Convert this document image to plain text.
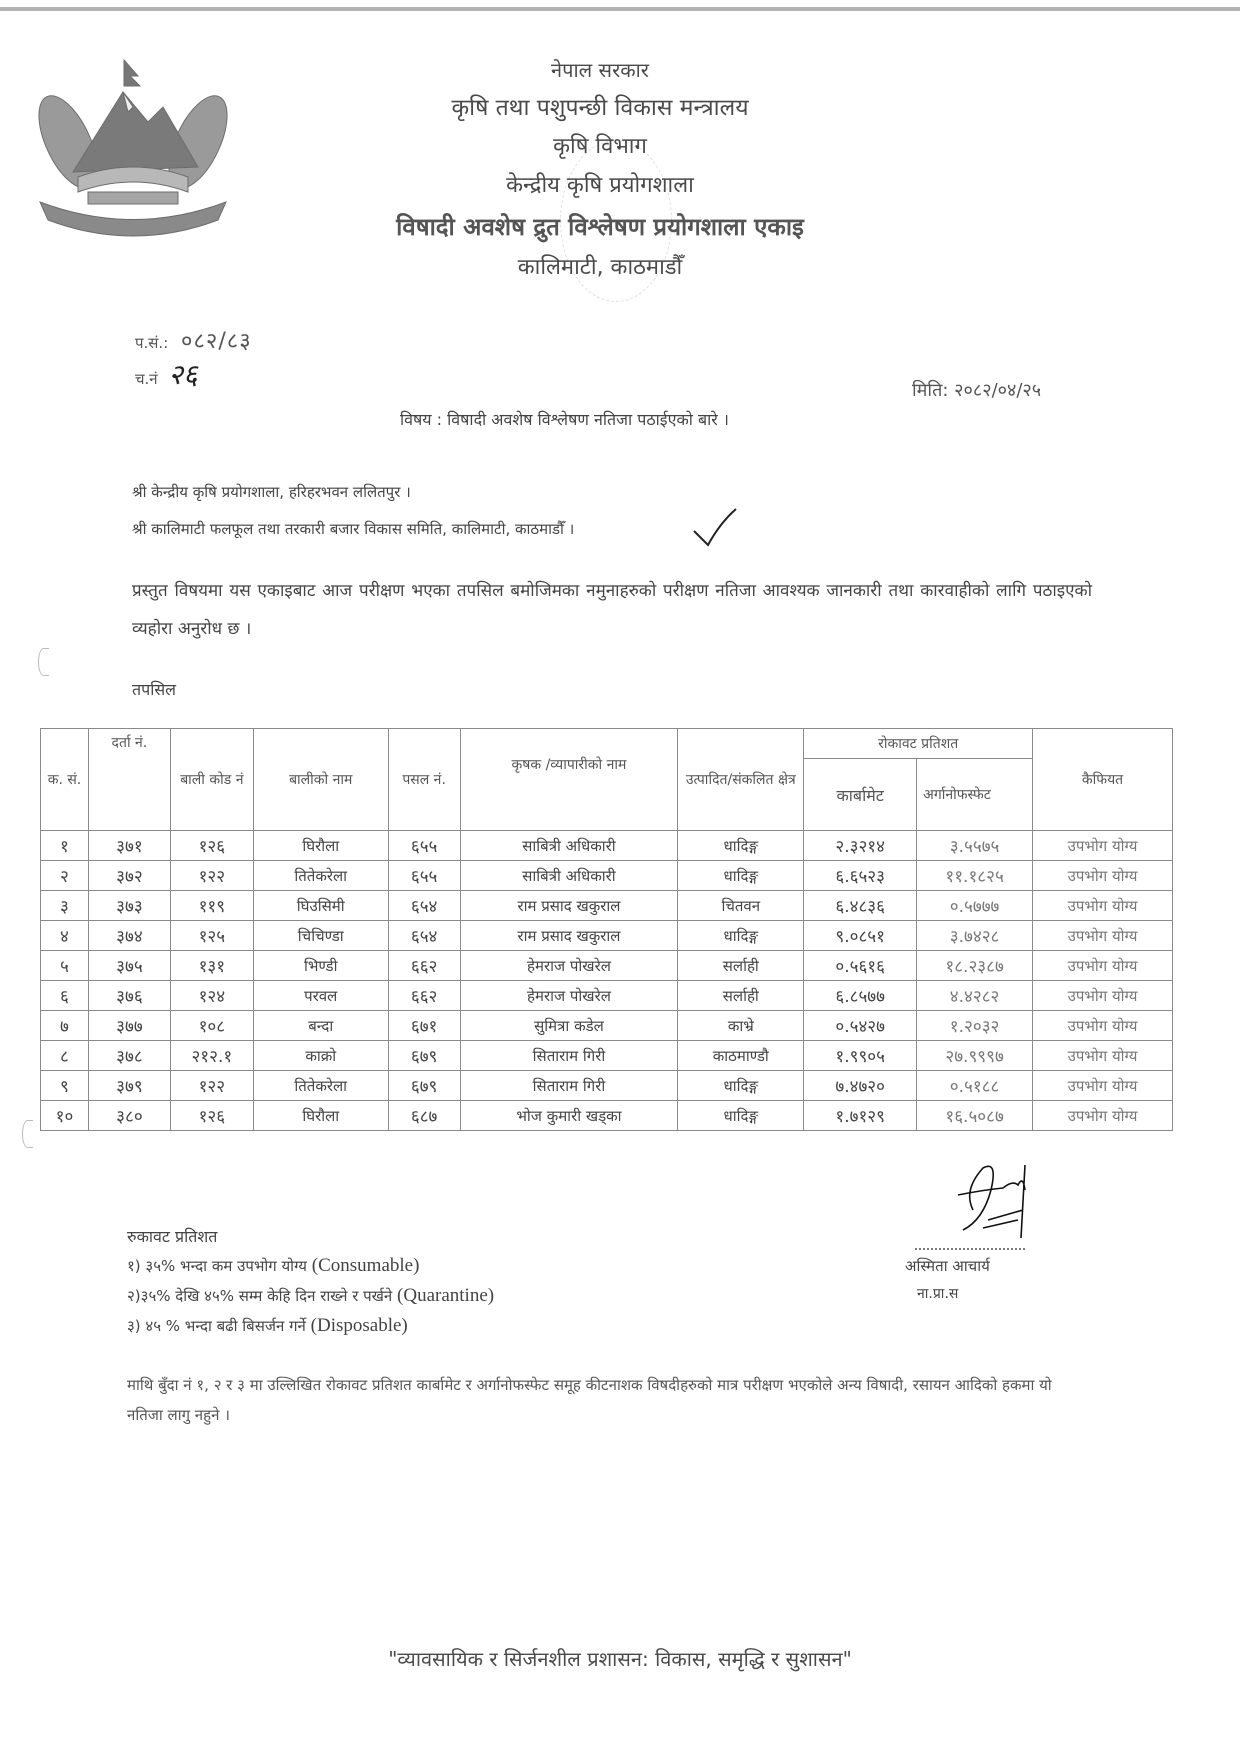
नेपाल सरकार
कृषि तथा पशुपन्छी विकास मन्त्रालय
कृषि विभाग
केन्द्रीय कृषि प्रयोगशाला
विषादी अवशेष द्रुत विश्लेषण प्रयोगशाला एकाइ
कालिमाटी, काठमाडौँ
प.सं.: ०८२/८३
च.नं २६	मिति: २०८२/०४/२५
विषय : विषादी अवशेष विश्लेषण नतिजा पठाईएको बारे ।
श्री केन्द्रीय कृषि प्रयोगशाला, हरिहरभवन ललितपुर ।
श्री कालिमाटी फलफूल तथा तरकारी बजार विकास समिति, कालिमाटी, काठमाडौँ ।
प्रस्तुत विषयमा यस एकाइबाट आज परीक्षण भएका तपसिल बमोजिमका नमुनाहरुको परीक्षण नतिजा आवश्यक जानकारी तथा कारवाहीको लागि पठाइएको व्यहोरा अनुरोध छ ।
तपसिल
क. सं.	दर्ता नं.	बाली कोड नं	बालीको नाम	पसल नं.	कृषक /व्यापारीको नाम	उत्पादित/संकलित क्षेत्र	रोकावट प्रतिशत		कैफियत
							कार्बामेट	अर्गानोफस्फेट	
१	३७१	१२६	घिरौला	६५५	साबित्री अधिकारी	धादिङ्ग	२.३२१४	३.५५७५	उपभोग योग्य
२	३७२	१२२	तितेकरेला	६५५	साबित्री अधिकारी	धादिङ्ग	६.६५२३	११.१८२५	उपभोग योग्य
३	३७३	११९	घिउसिमी	६५४	राम प्रसाद खकुराल	चितवन	६.४८३६	०.५७७७	उपभोग योग्य
४	३७४	१२५	चिचिण्डा	६५४	राम प्रसाद खकुराल	धादिङ्ग	९.०८५१	३.७४२८	उपभोग योग्य
५	३७५	१३१	भिण्डी	६६२	हेमराज पोखरेल	सर्लाही	०.५६१६	१८.२३८७	उपभोग योग्य
६	३७६	१२४	परवल	६६२	हेमराज पोखरेल	सर्लाही	६.८५७७	४.४२८२	उपभोग योग्य
७	३७७	१०८	बन्दा	६७१	सुमित्रा कडेल	काभ्रे	०.५४२७	१.२०३२	उपभोग योग्य
८	३७८	२१२.१	काक्रो	६७९	सिताराम गिरी	काठमाण्डौ	१.९९०५	२७.९९९७	उपभोग योग्य
९	३७९	१२२	तितेकरेला	६७९	सिताराम गिरी	धादिङ्ग	७.४७२०	०.५१८८	उपभोग योग्य
१०	३८०	१२६	घिरौला	६८७	भोज कुमारी खड्का	धादिङ्ग	१.७१२९	१६.५०८७	उपभोग योग्य
रुकावट प्रतिशत
१) ३५% भन्दा कम उपभोग योग्य (Consumable)
२)३५% देखि ४५% सम्म केहि दिन राख्ने र पर्खने (Quarantine)
३) ४५ % भन्दा बढी बिसर्जन गर्ने (Disposable)
अस्मिता आचार्य
ना.प्रा.स
माथि बुँदा नं १, २ र ३ मा उल्लिखित रोकावट प्रतिशत कार्बामेट र अर्गानोफस्फेट समूह कीटनाशक विषदीहरुको मात्र परीक्षण भएकोले अन्य विषादी, रसायन आदिको हकमा यो नतिजा लागु नहुने ।
"व्यावसायिक र सिर्जनशील प्रशासन: विकास, समृद्धि र सुशासन"
